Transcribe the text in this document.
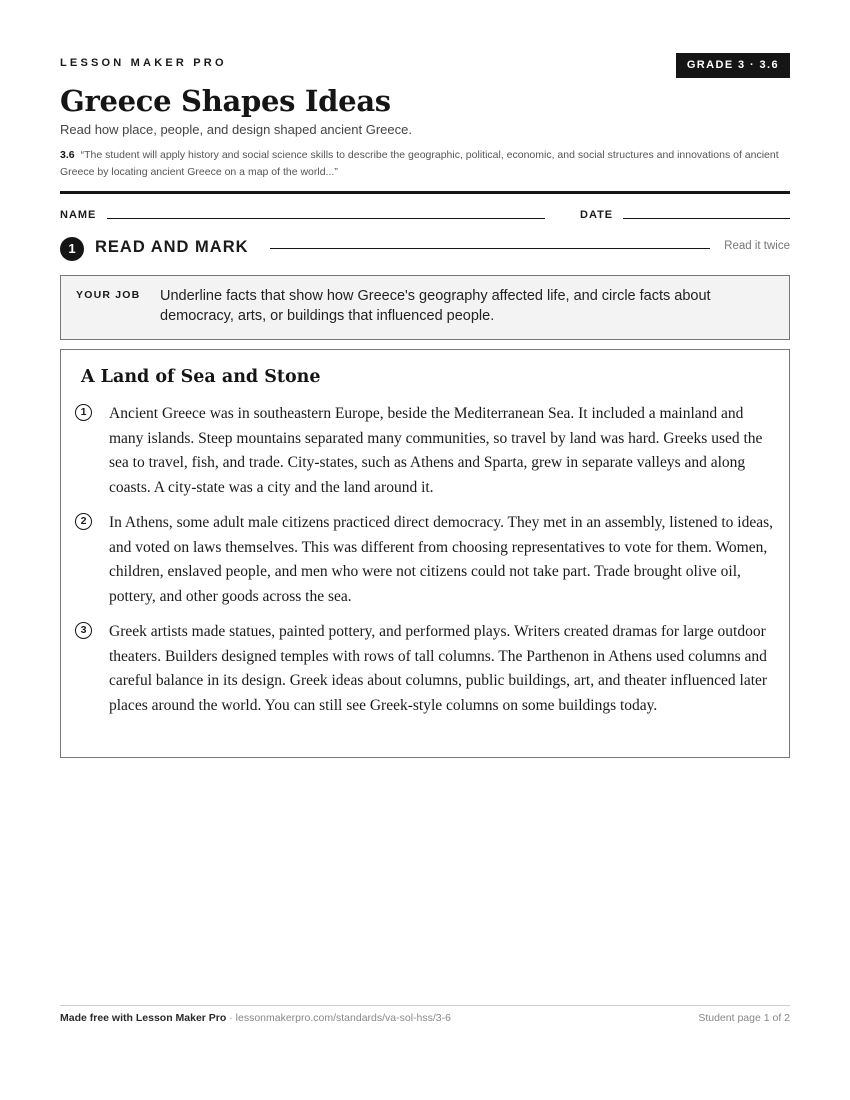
LESSON MAKER PRO	GRADE 3 · 3.6
Greece Shapes Ideas
Read how place, people, and design shaped ancient Greece.
3.6 “The student will apply history and social science skills to describe the geographic, political, economic, and social structures and innovations of ancient Greece by locating ancient Greece on a map of the world...”
NAME	DATE
1	READ AND MARK	Read it twice
YOUR JOB Underline facts that show how Greece's geography affected life, and circle facts about democracy, arts, or buildings that influenced people.
A Land of Sea and Stone
1	Ancient Greece was in southeastern Europe, beside the Mediterranean Sea. It included a mainland and many islands. Steep mountains separated many communities, so travel by land was hard. Greeks used the sea to travel, fish, and trade. City-states, such as Athens and Sparta, grew in separate valleys and along coasts. A city-state was a city and the land around it.
2	In Athens, some adult male citizens practiced direct democracy. They met in an assembly, listened to ideas, and voted on laws themselves. This was different from choosing representatives to vote for them. Women, children, enslaved people, and men who were not citizens could not take part. Trade brought olive oil, pottery, and other goods across the sea.
3	Greek artists made statues, painted pottery, and performed plays. Writers created dramas for large outdoor theaters. Builders designed temples with rows of tall columns. The Parthenon in Athens used columns and careful balance in its design. Greek ideas about columns, public buildings, art, and theater influenced later places around the world. You can still see Greek-style columns on some buildings today.
Made free with Lesson Maker Pro · lessonmakerpro.com/standards/va-sol-hss/3-6	Student page 1 of 2
